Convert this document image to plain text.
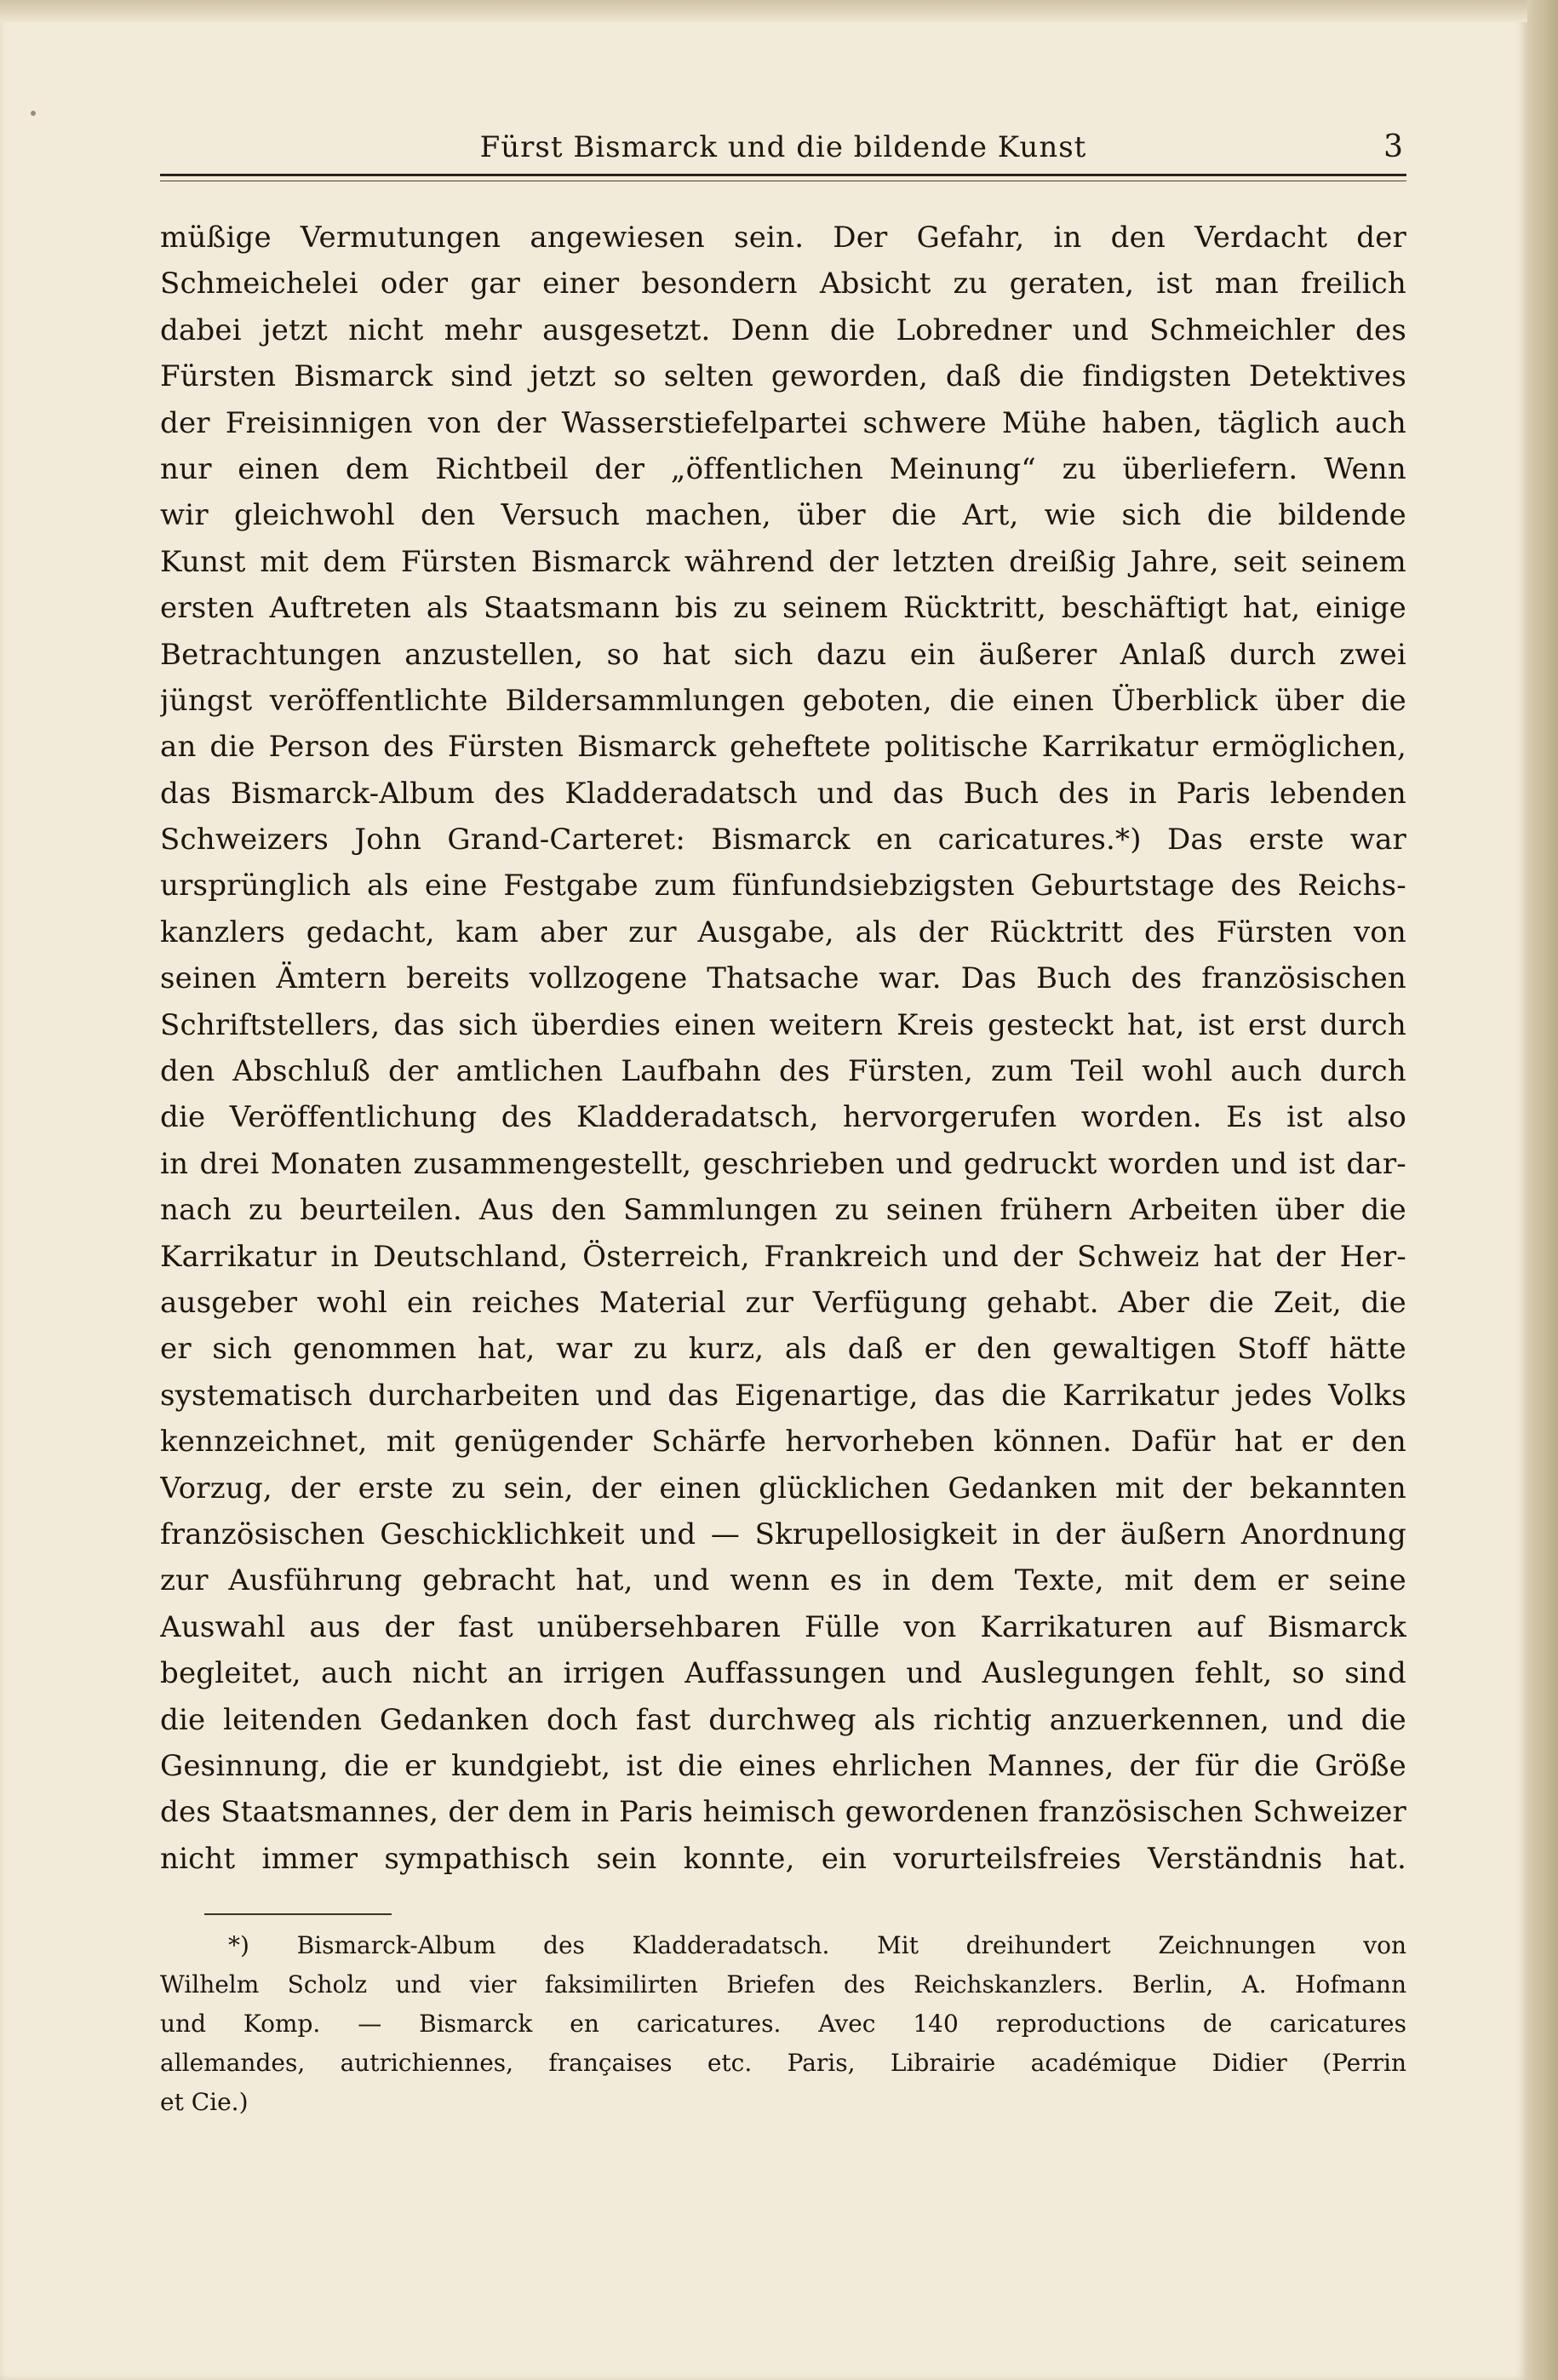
Fürst Bismarck und die bildende Kunst	3
müßige Vermutungen angewiesen sein. Der Gefahr, in den Verdacht der
Schmeichelei oder gar einer besondern Absicht zu geraten, ist man freilich
dabei jetzt nicht mehr ausgesetzt. Denn die Lobredner und Schmeichler des
Fürsten Bismarck sind jetzt so selten geworden, daß die findigsten Detektives
der Freisinnigen von der Wasserstiefelpartei schwere Mühe haben, täglich auch
nur einen dem Richtbeil der „öffentlichen Meinung“ zu überliefern. Wenn
wir gleichwohl den Versuch machen, über die Art, wie sich die bildende
Kunst mit dem Fürsten Bismarck während der letzten dreißig Jahre, seit seinem
ersten Auftreten als Staatsmann bis zu seinem Rücktritt, beschäftigt hat, einige
Betrachtungen anzustellen, so hat sich dazu ein äußerer Anlaß durch zwei
jüngst veröffentlichte Bildersammlungen geboten, die einen Überblick über die
an die Person des Fürsten Bismarck geheftete politische Karrikatur ermöglichen,
das Bismarck-Album des Kladderadatsch und das Buch des in Paris lebenden
Schweizers John Grand-Carteret: Bismarck en caricatures.*) Das erste war
ursprünglich als eine Festgabe zum fünfundsiebzigsten Geburtstage des Reichs-
kanzlers gedacht, kam aber zur Ausgabe, als der Rücktritt des Fürsten von
seinen Ämtern bereits vollzogene Thatsache war. Das Buch des französischen
Schriftstellers, das sich überdies einen weitern Kreis gesteckt hat, ist erst durch
den Abschluß der amtlichen Laufbahn des Fürsten, zum Teil wohl auch durch
die Veröffentlichung des Kladderadatsch, hervorgerufen worden. Es ist also
in drei Monaten zusammengestellt, geschrieben und gedruckt worden und ist dar-
nach zu beurteilen. Aus den Sammlungen zu seinen frühern Arbeiten über die
Karrikatur in Deutschland, Österreich, Frankreich und der Schweiz hat der Her-
ausgeber wohl ein reiches Material zur Verfügung gehabt. Aber die Zeit, die
er sich genommen hat, war zu kurz, als daß er den gewaltigen Stoff hätte
systematisch durcharbeiten und das Eigenartige, das die Karrikatur jedes Volks
kennzeichnet, mit genügender Schärfe hervorheben können. Dafür hat er den
Vorzug, der erste zu sein, der einen glücklichen Gedanken mit der bekannten
französischen Geschicklichkeit und — Skrupellosigkeit in der äußern Anordnung
zur Ausführung gebracht hat, und wenn es in dem Texte, mit dem er seine
Auswahl aus der fast unübersehbaren Fülle von Karrikaturen auf Bismarck
begleitet, auch nicht an irrigen Auffassungen und Auslegungen fehlt, so sind
die leitenden Gedanken doch fast durchweg als richtig anzuerkennen, und die
Gesinnung, die er kundgiebt, ist die eines ehrlichen Mannes, der für die Größe
des Staatsmannes, der dem in Paris heimisch gewordenen französischen Schweizer
nicht immer sympathisch sein konnte, ein vorurteilsfreies Verständnis hat.
*) Bismarck-Album des Kladderadatsch. Mit dreihundert Zeichnungen von
Wilhelm Scholz und vier faksimilirten Briefen des Reichskanzlers. Berlin, A. Hofmann
und Komp. — Bismarck en caricatures. Avec 140 reproductions de caricatures
allemandes, autrichiennes, françaises etc. Paris, Librairie académique Didier (Perrin
et Cie.)
